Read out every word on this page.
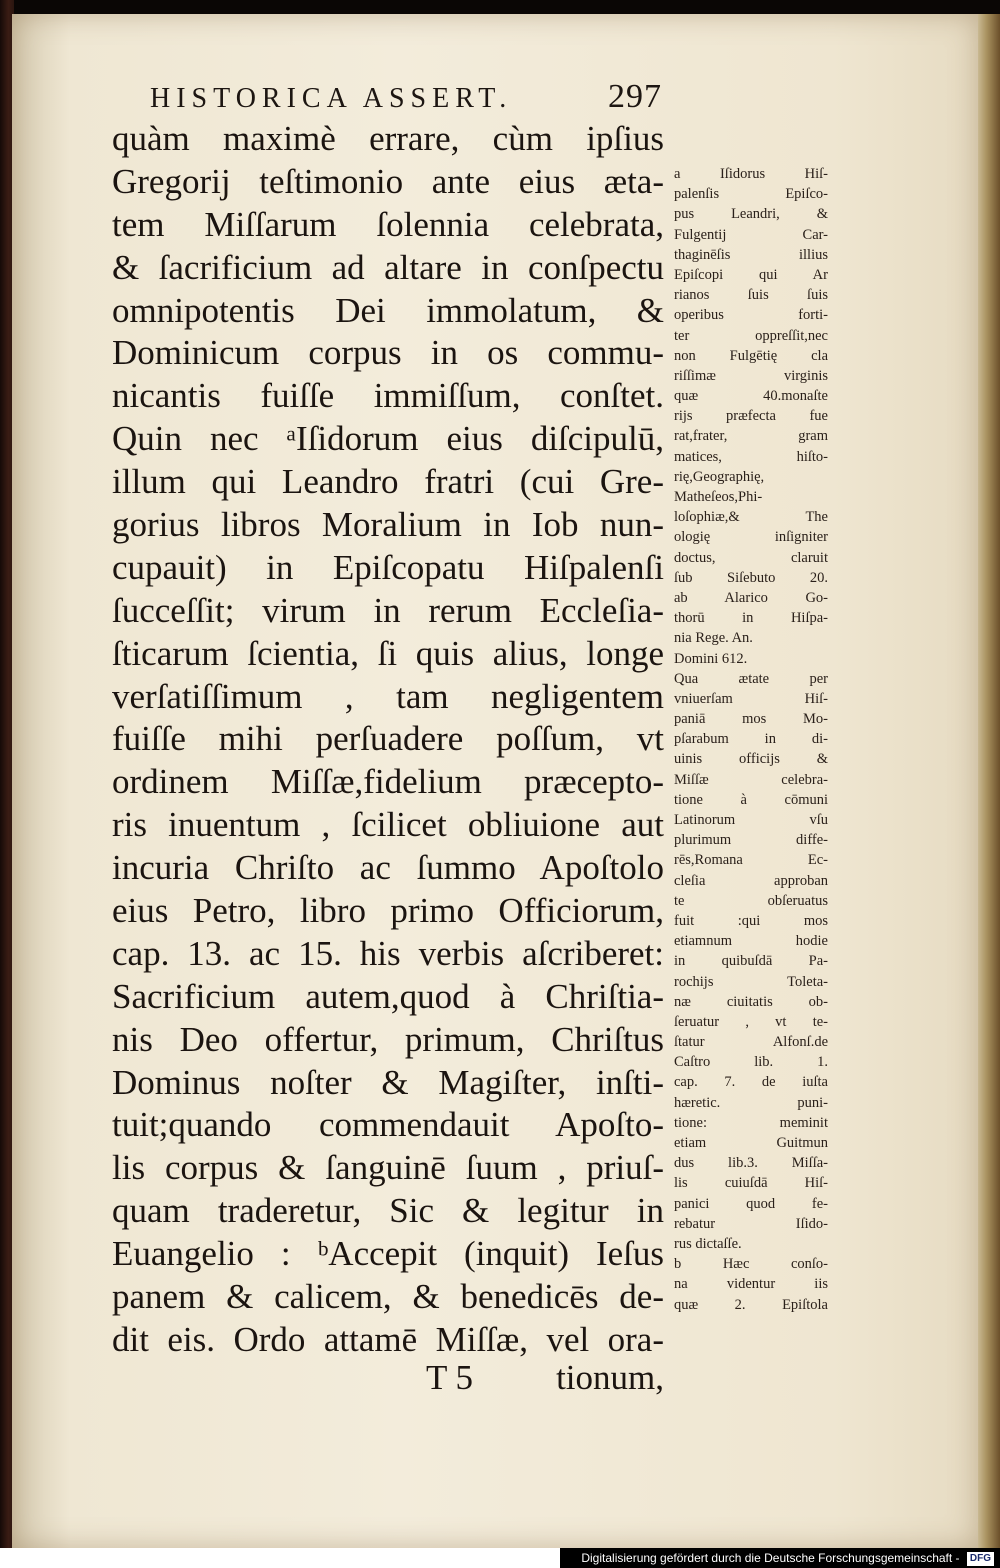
HISTORICA ASSERT.	297
quàm maximè errare, cùm ipſius
Gregorij teſtimonio ante eius æta-
tem Miſſarum ſolennia celebrata,
& ſacrificium ad altare in conſpectu
omnipotentis Dei immolatum, &
Dominicum corpus in os commu-
nicantis fuiſſe immiſſum, conſtet.
Quin nec ᵃIſidorum eius diſcipulū,
illum qui Leandro fratri (cui Gre-
gorius libros Moralium in Iob nun-
cupauit) in Epiſcopatu Hiſpalenſi
ſucceſſit; virum in rerum Eccleſia-
ſticarum ſcientia, ſi quis alius, longe
verſatiſſimum , tam negligentem
fuiſſe mihi perſuadere poſſum, vt
ordinem Miſſæ,fidelium præcepto-
ris inuentum , ſcilicet obliuione aut
incuria Chriſto ac ſummo Apoſtolo
eius Petro, libro primo Officiorum,
cap. 13. ac 15. his verbis aſcriberet:
Sacrificium autem,quod à Chriſtia-
nis Deo offertur, primum, Chriſtus
Dominus noſter & Magiſter, inſti-
tuit;quando commendauit Apoſto-
lis corpus & ſanguinē ſuum , priuſ-
quam traderetur, Sic & legitur in
Euangelio : ᵇAccepit (inquit) Ieſus
panem & calicem, & benedicēs de-
dit eis. Ordo attamē Miſſæ, vel ora-
a Iſidorus Hiſ-
palenſis Epiſco-
pus Leandri, &
Fulgentij Car-
thaginēſis illius
Epiſcopi qui Ar
rianos ſuis ſuis
operibus forti-
ter oppreſſit,nec
non Fulgētię cla
riſſimæ virginis
quæ 40.monaſte
rijs præfecta fue
rat,frater, gram
matices, hiſto-
rię,Geographię,
Matheſeos,Phi-
loſophiæ,& The
ologię inſigniter
doctus, claruit
ſub Siſebuto 20.
ab Alarico Go-
thorū in Hiſpa-
nia Rege. An.
Domini 612.
Qua ætate per
vniuerſam Hiſ-
paniā mos Mo-
pſarabum in di-
uinis officijs &
Miſſæ celebra-
tione à cōmuni
Latinorum vſu
plurimum diffe-
rēs,Romana Ec-
cleſia approban
te obſeruatus
fuit :qui mos
etiamnum hodie
in quibuſdā Pa-
rochijs Toleta-
næ ciuitatis ob-
ſeruatur , vt te-
ſtatur Alfonſ.de
Caſtro lib. 1.
cap. 7. de iuſta
hæretic. puni-
tione: meminit
etiam Guitmun
dus lib.3. Miſſa-
lis cuiuſdā Hiſ-
panici quod fe-
rebatur Iſido-
rus dictaſſe.
b Hæc conſo-
na videntur iis
quæ 2. Epiſtola
T 5 tionum,
Digitalisierung gefördert durch die Deutsche Forschungsgemeinschaft - DFG
